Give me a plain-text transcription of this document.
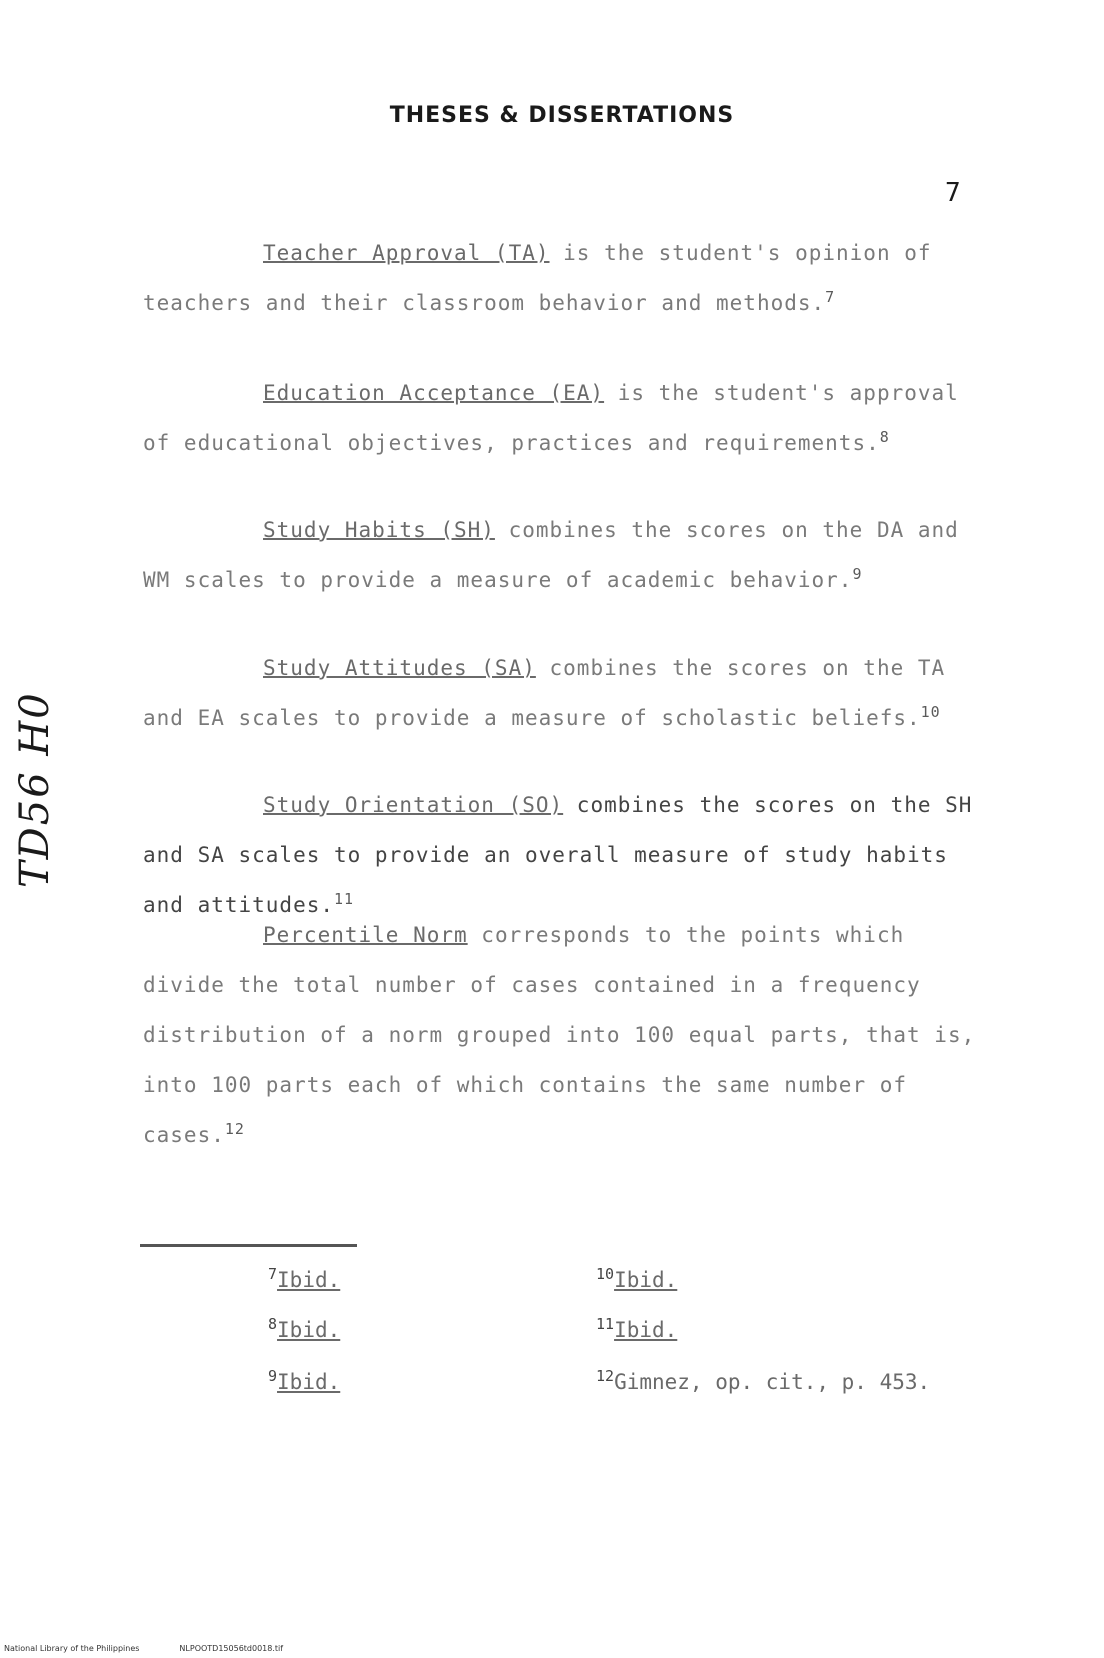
THESES & DISSERTATIONS
7
TD56 H0
Teacher Approval (TA) is the student's opinion of teachers and their classroom behavior and methods.$^7$
Education Acceptance (EA) is the student's approval of educational objectives, practices and requirements.$^8$
Study Habits (SH) combines the scores on the DA and WM scales to provide a measure of academic behavior.$^9$
Study Attitudes (SA) combines the scores on the TA and EA scales to provide a measure of scholastic beliefs.$^{10}$
Study Orientation (SO) combines the scores on the SH and SA scales to provide an overall measure of study habits and attitudes.$^{11}$
Percentile Norm corresponds to the points which divide the total number of cases contained in a frequency distribution of a norm grouped into 100 equal parts, that is, into 100 parts each of which contains the same number of cases.$^{12}$
$^7$Ibid.
$^8$Ibid.
$^9$Ibid.
$^{10}$Ibid.
$^{11}$Ibid.
$^{12}$Gimnez, op. cit., p. 453.
National Library of the Philippines	NLPOOTD15056td0018.tif
